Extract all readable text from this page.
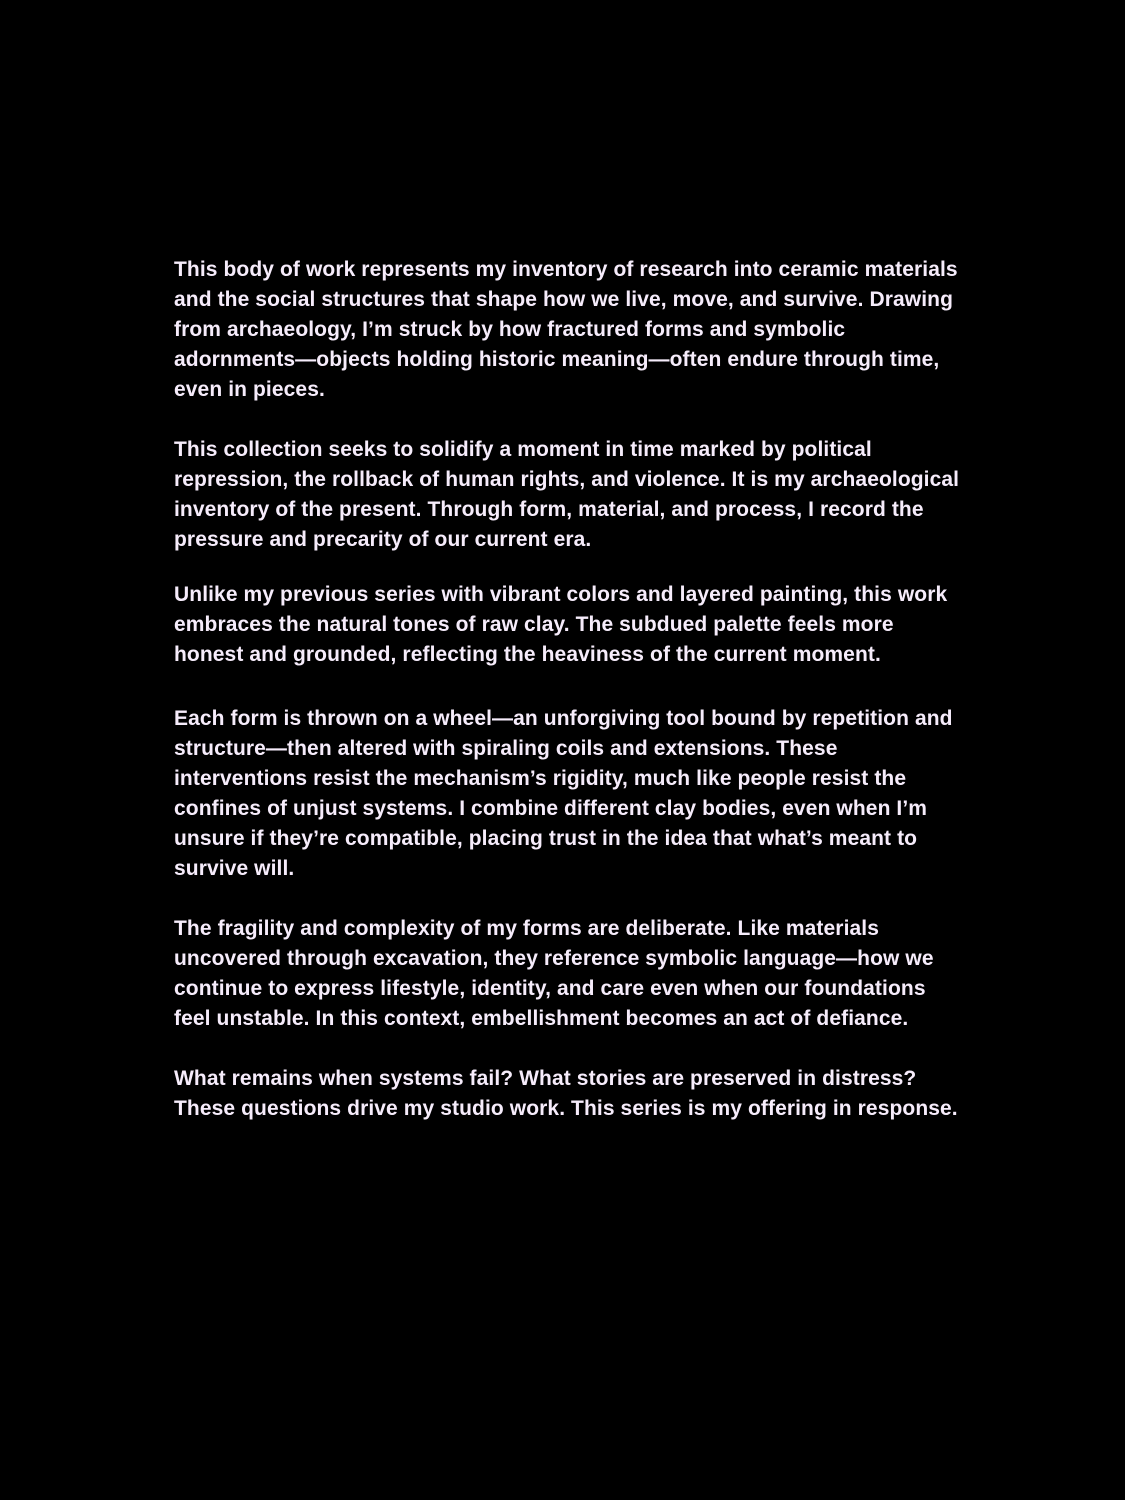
This body of work represents my inventory of research into ceramic materials and the social structures that shape how we live, move, and survive. Drawing from archaeology, I’m struck by how fractured forms and symbolic adornments—objects holding historic meaning—often endure through time, even in pieces.

This collection seeks to solidify a moment in time marked by political repression, the rollback of human rights, and violence. It is my archaeological inventory of the present. Through form, material, and process, I record the pressure and precarity of our current era.

Unlike my previous series with vibrant colors and layered painting, this work embraces the natural tones of raw clay. The subdued palette feels more honest and grounded, reflecting the heaviness of the current moment.

Each form is thrown on a wheel—an unforgiving tool bound by repetition and structure—then altered with spiraling coils and extensions. These interventions resist the mechanism’s rigidity, much like people resist the confines of unjust systems. I combine different clay bodies, even when I’m unsure if they’re compatible, placing trust in the idea that what’s meant to survive will.

The fragility and complexity of my forms are deliberate. Like materials uncovered through excavation, they reference symbolic language—how we continue to express lifestyle, identity, and care even when our foundations feel unstable. In this context, embellishment becomes an act of defiance.

What remains when systems fail? What stories are preserved in distress? These questions drive my studio work. This series is my offering in response.
